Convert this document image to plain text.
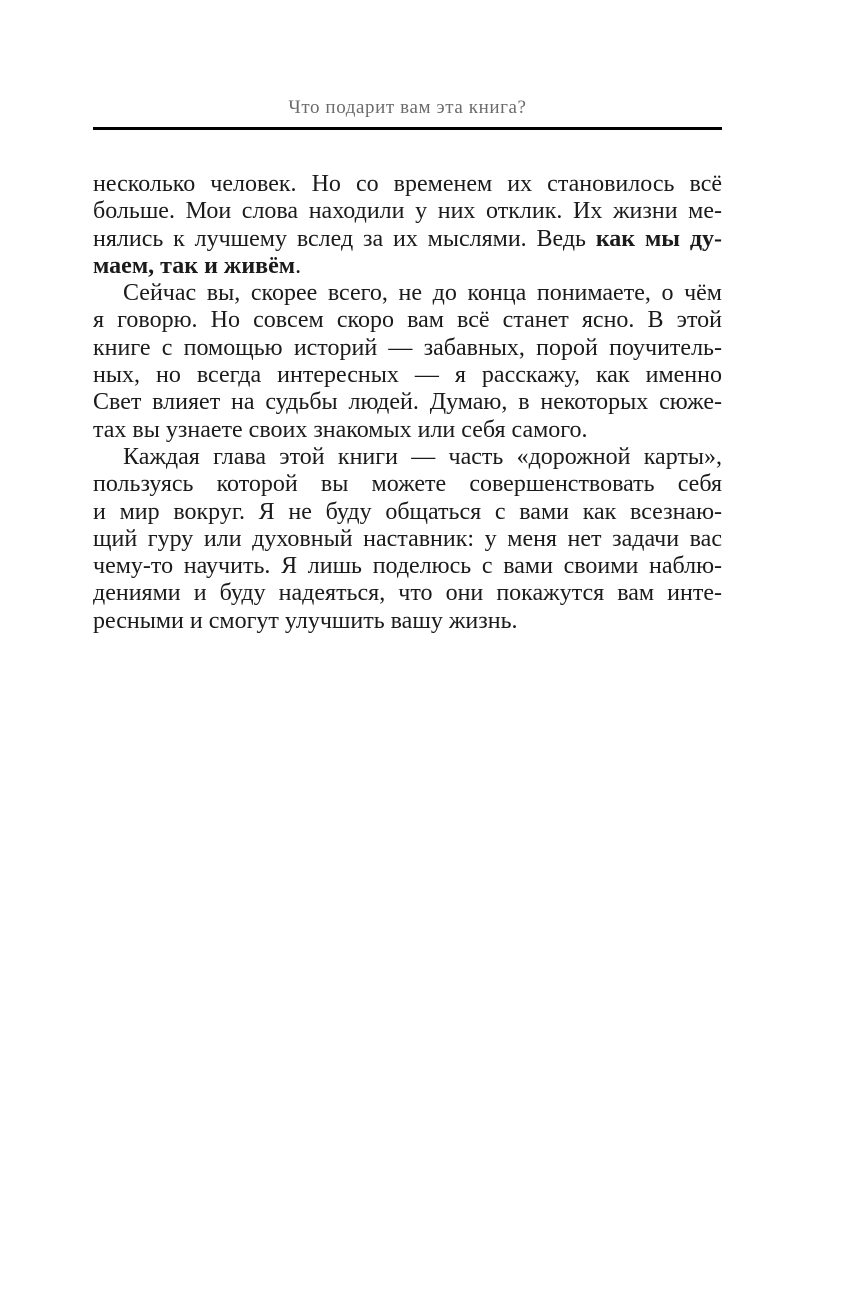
Что подарит вам эта книга?
несколько человек. Но со временем их становилось всё
больше. Мои слова находили у них отклик. Их жизни ме-
нялись к лучшему вслед за их мыслями. Ведь как мы ду-
маем, так и живём.
Сейчас вы, скорее всего, не до конца понимаете, о чём
я говорю. Но совсем скоро вам всё станет ясно. В этой
книге с помощью историй — забавных, порой поучитель-
ных, но всегда интересных — я расскажу, как именно
Свет влияет на судьбы людей. Думаю, в некоторых сюже-
тах вы узнаете своих знакомых или себя самого.
Каждая глава этой книги — часть «дорожной карты»,
пользуясь которой вы можете совершенствовать себя
и мир вокруг. Я не буду общаться с вами как всезнаю-
щий гуру или духовный наставник: у меня нет задачи вас
чему-то научить. Я лишь поделюсь с вами своими наблю-
дениями и буду надеяться, что они покажутся вам инте-
ресными и смогут улучшить вашу жизнь.
